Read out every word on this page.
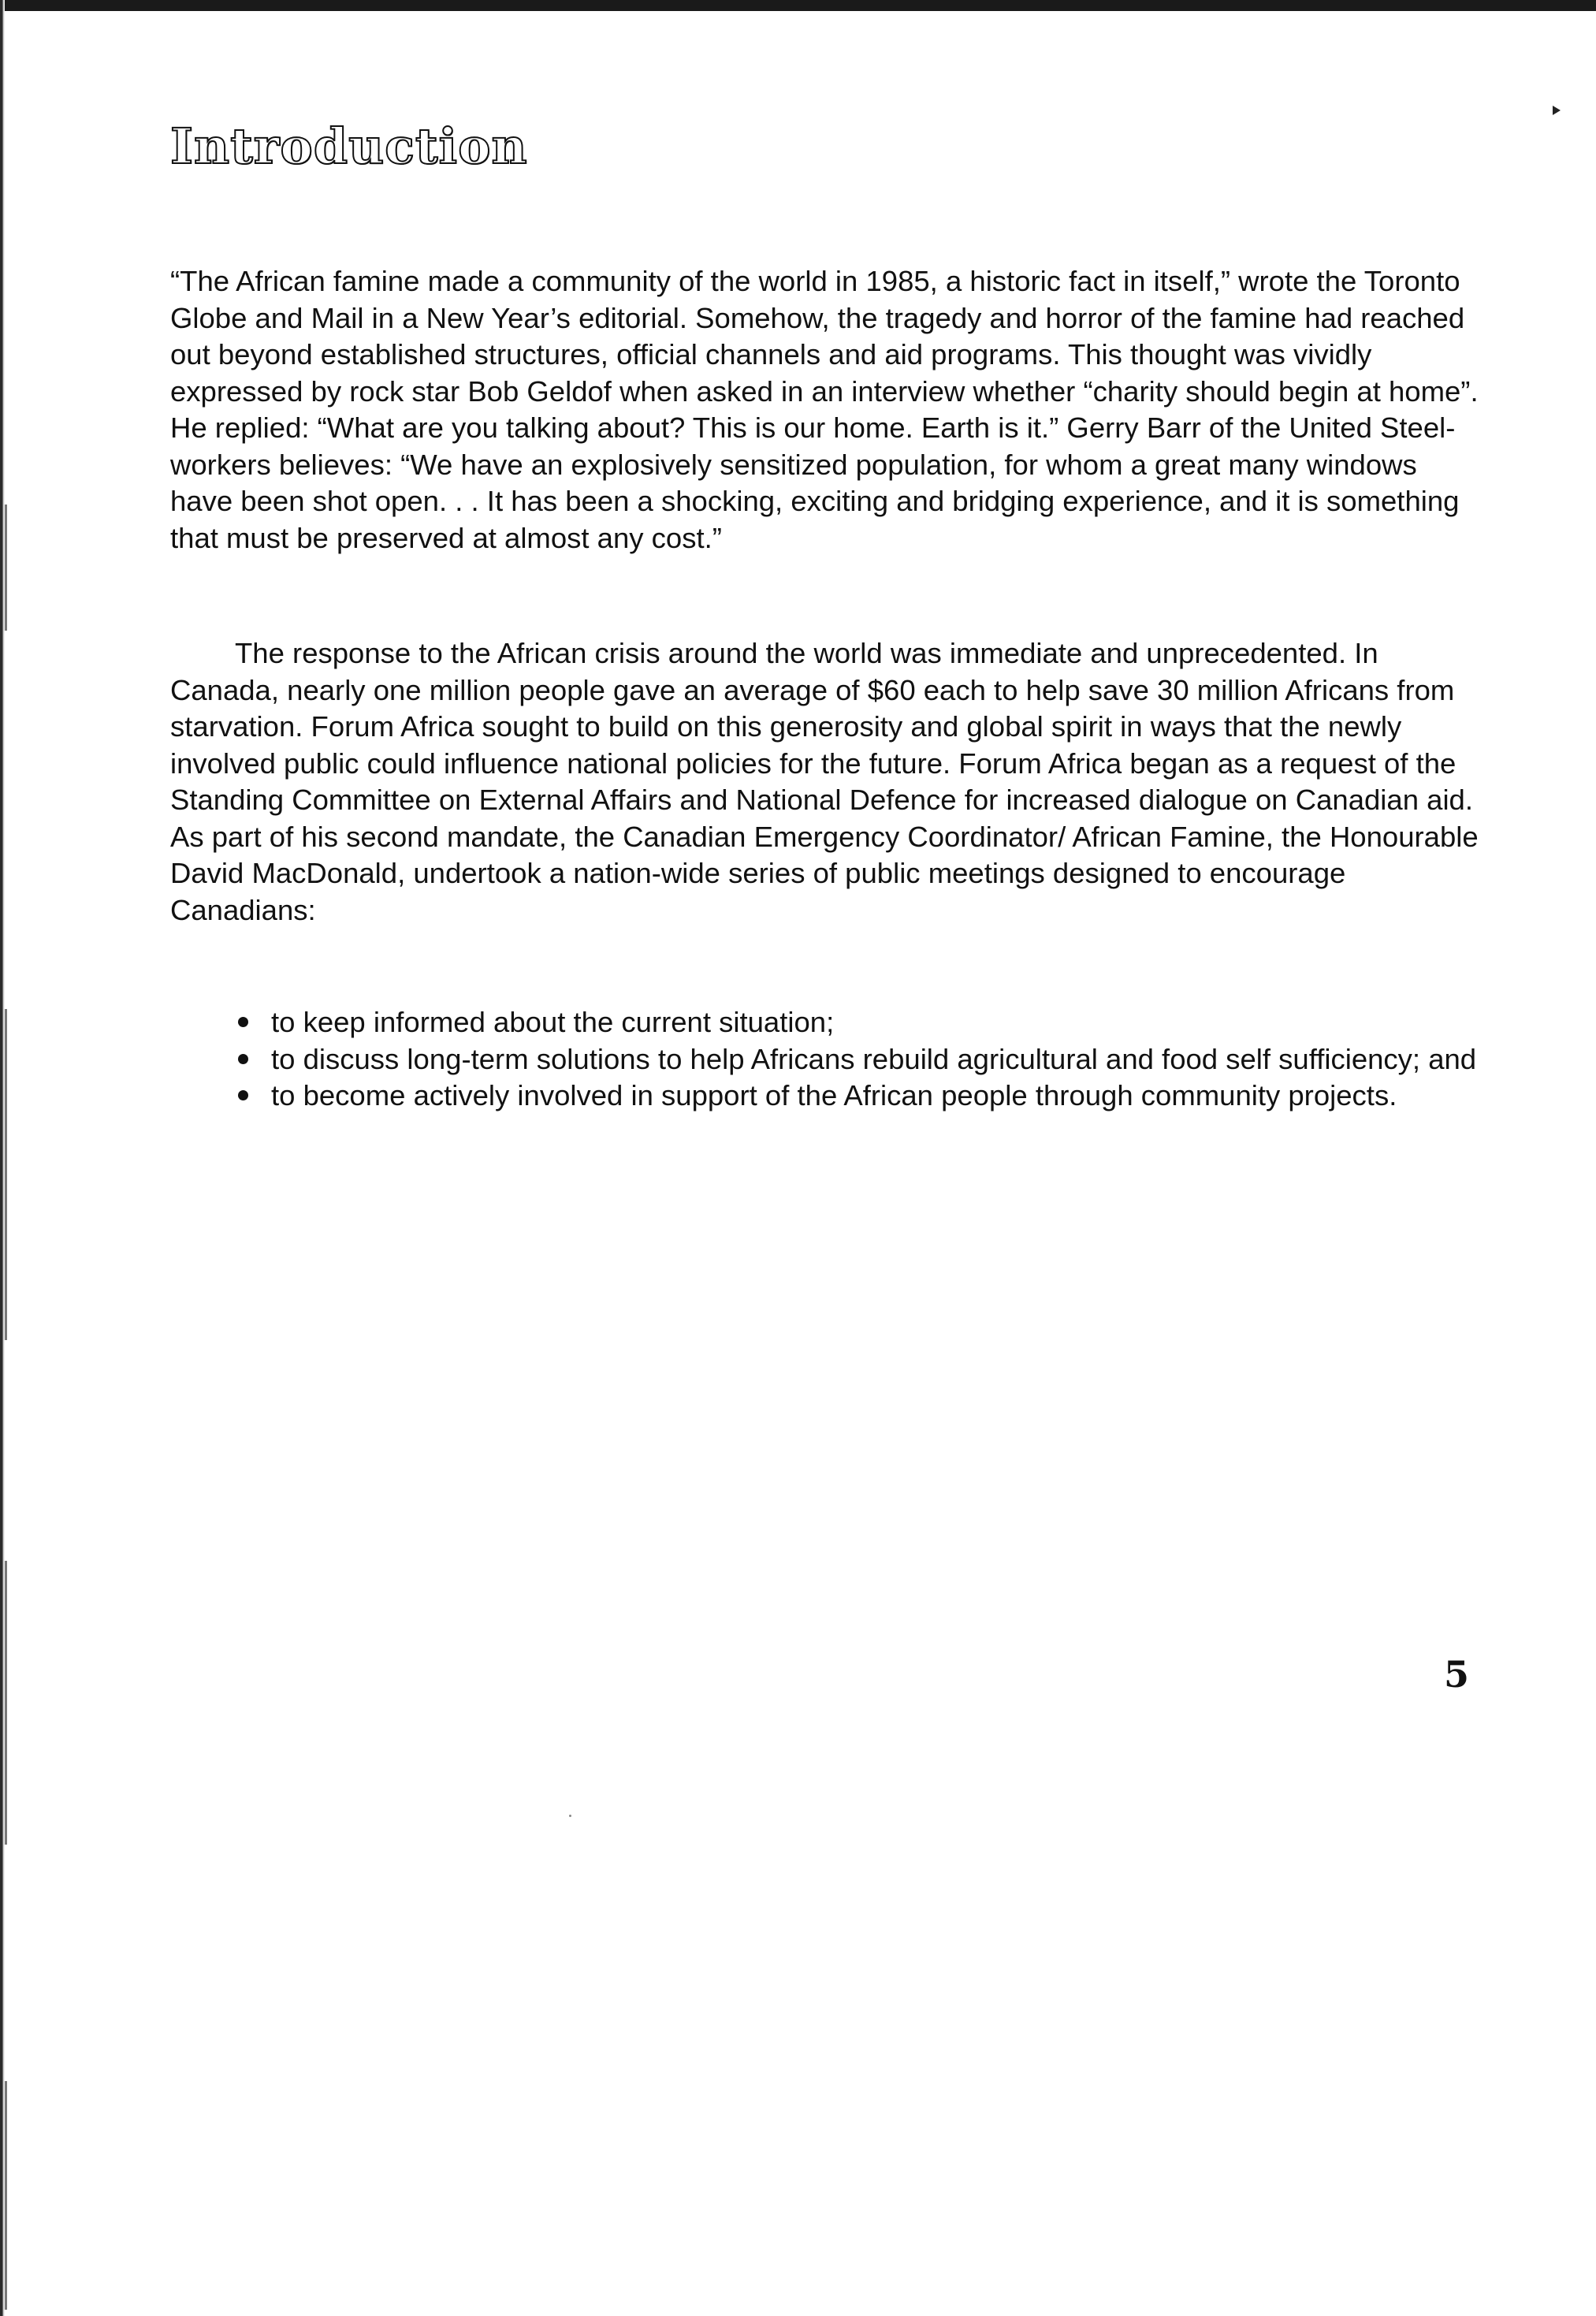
Introduction

“The African famine made a community of the world in 1985, a historic fact in itself,” wrote the Toronto Globe and Mail in a New Year’s editorial. Somehow, the tragedy and horror of the famine had reached out beyond established structures, official channels and aid programs. This thought was vividly expressed by rock star Bob Geldof when asked in an interview whether “charity should begin at home”. He replied: “What are you talking about? This is our home. Earth is it.” Gerry Barr of the United Steel-workers believes: “We have an explosively sensitized population, for whom a great many windows have been shot open. . . It has been a shocking, exciting and bridging experience, and it is something that must be preserved at almost any cost.”

The response to the African crisis around the world was immediate and unprecedented. In Canada, nearly one million people gave an average of $60 each to help save 30 million Africans from starvation. Forum Africa sought to build on this generosity and global spirit in ways that the newly involved public could influence national policies for the future. Forum Africa began as a request of the Standing Committee on External Affairs and National Defence for increased dialogue on Canadian aid. As part of his second mandate, the Canadian Emergency Coordinator/ African Famine, the Honourable David MacDonald, undertook a nation-wide series of public meetings designed to encourage Canadians:

to keep informed about the current situation;
to discuss long-term solutions to help Africans rebuild agricultural and food self sufficiency; and
to become actively involved in support of the African people through community projects.

5
